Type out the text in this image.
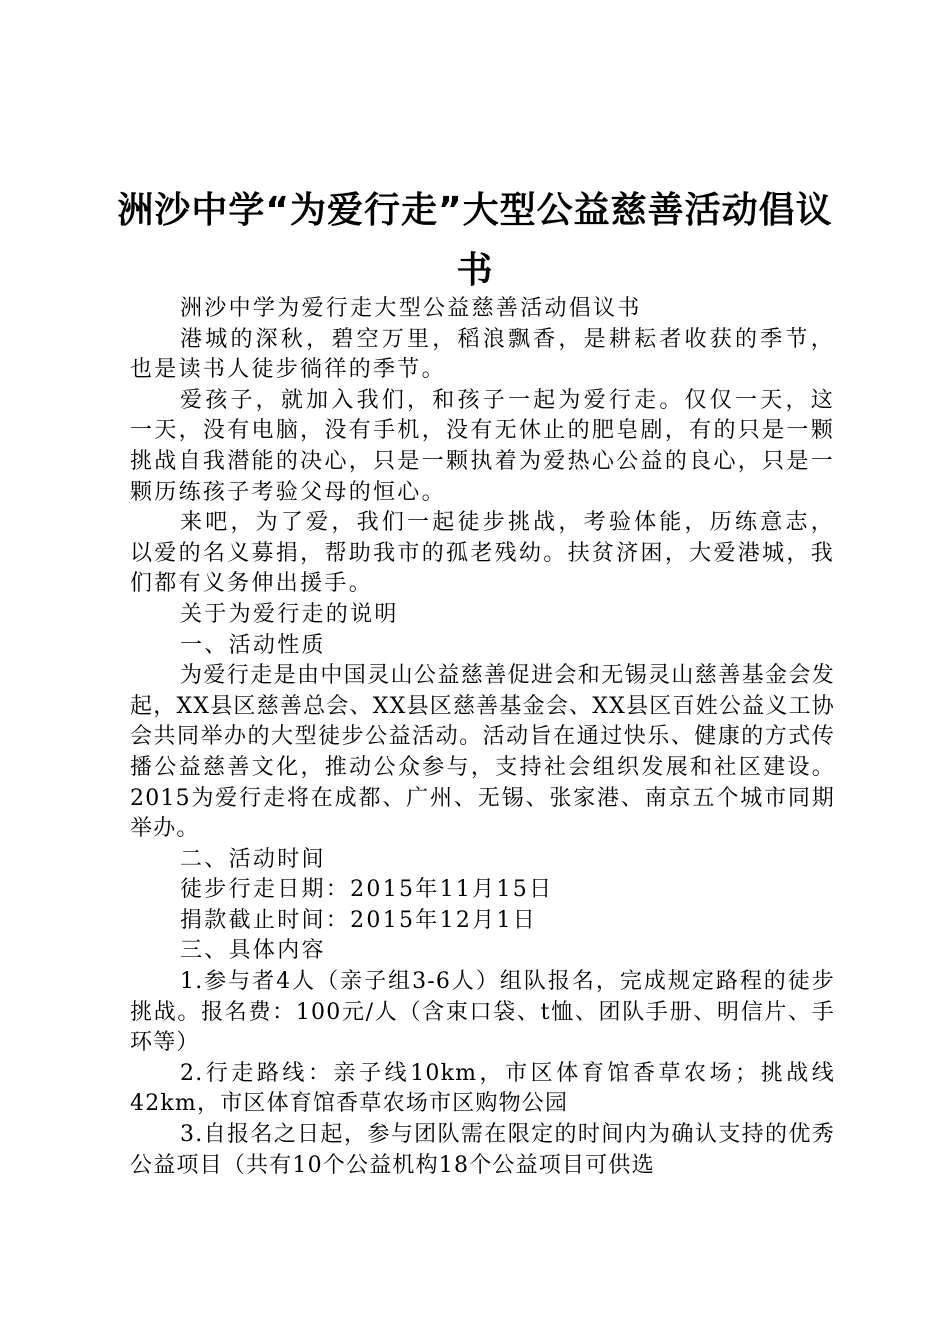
洲沙中学“为爱行走”大型公益慈善活动倡议
书

洲沙中学为爱行走大型公益慈善活动倡议书

港城的深秋，碧空万里，稻浪飘香，是耕耘者收获的季节，也是读书人徒步徜徉的季节。

爱孩子，就加入我们，和孩子一起为爱行走。仅仅一天，这一天，没有电脑，没有手机，没有无休止的肥皂剧，有的只是一颗挑战自我潜能的决心，只是一颗执着为爱热心公益的良心，只是一颗历练孩子考验父母的恒心。

来吧，为了爱，我们一起徒步挑战，考验体能，历练意志，以爱的名义募捐，帮助我市的孤老残幼。扶贫济困，大爱港城，我们都有义务伸出援手。

关于为爱行走的说明

一、活动性质

为爱行走是由中国灵山公益慈善促进会和无锡灵山慈善基金会发起，XX县区慈善总会、XX县区慈善基金会、XX县区百姓公益义工协会共同举办的大型徒步公益活动。活动旨在通过快乐、健康的方式传播公益慈善文化，推动公众参与，支持社会组织发展和社区建设。2015为爱行走将在成都、广州、无锡、张家港、南京五个城市同期举办。

二、活动时间

徒步行走日期：2015年11月15日

捐款截止时间：2015年12月1日

三、具体内容

1.参与者4人（亲子组3-6人）组队报名，完成规定路程的徒步挑战。报名费：100元/人（含束口袋、t恤、团队手册、明信片、手环等）

2.行走路线：亲子线10km，市区体育馆香草农场；挑战线42km，市区体育馆香草农场市区购物公园

3.自报名之日起，参与团队需在限定的时间内为确认支持的优秀公益项目（共有10个公益机构18个公益项目可供选
